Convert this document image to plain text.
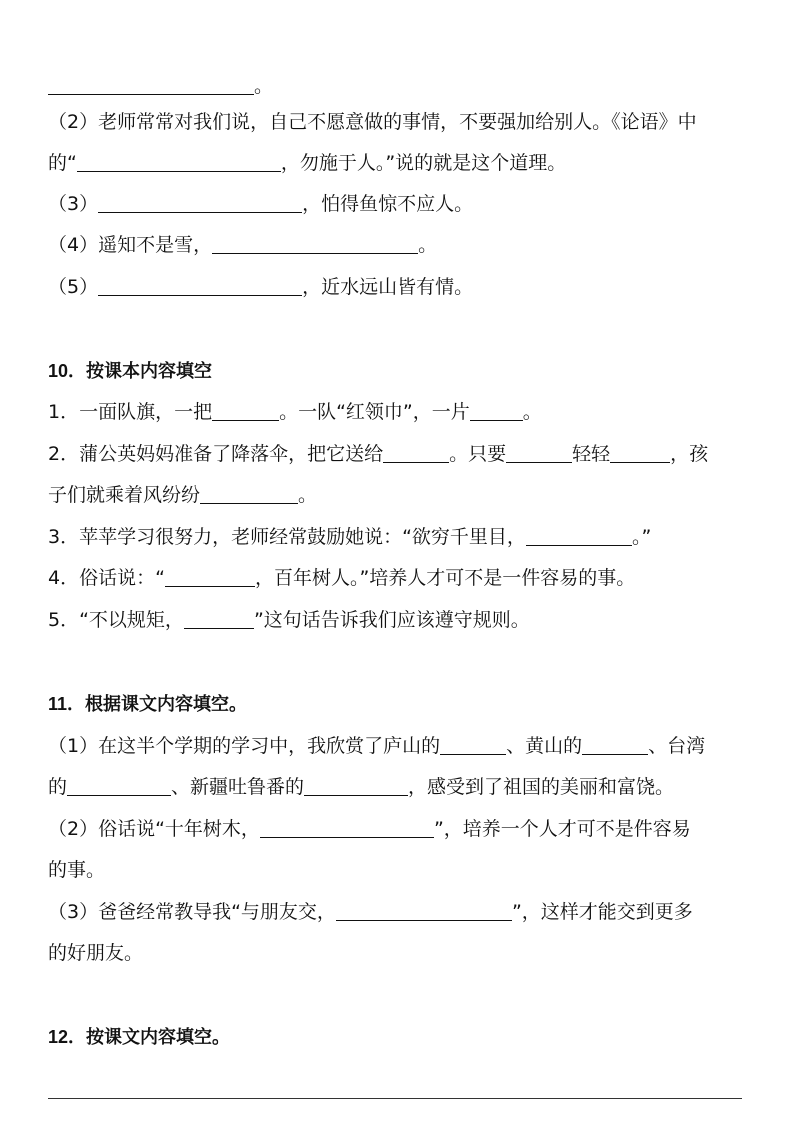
。
（2）老师常常对我们说，自己不愿意做的事情，不要强加给别人。《论语》中
的“	，勿施于人。”说的就是这个道理。
（3）	，怕得鱼惊不应人。
（4）遥知不是雪，	。
（5）	，近水远山皆有情。
10．按课本内容填空
1．一面队旗，一把	。一队“红领巾”，一片	。
2．蒲公英妈妈准备了降落伞，把它送给	。只要	轻轻	，孩
子们就乘着风纷纷	。
3．苹苹学习很努力，老师经常鼓励她说：“欲穷千里目，	。”
4．俗话说：“	，百年树人。”培养人才可不是一件容易的事。
5．“不以规矩，	”这句话告诉我们应该遵守规则。
11．根据课文内容填空。
（1）在这半个学期的学习中，我欣赏了庐山的	、黄山的	、台湾
的	、新疆吐鲁番的	，感受到了祖国的美丽和富饶。
（2）俗话说“十年树木，	”，培养一个人才可不是件容易
的事。
（3）爸爸经常教导我“与朋友交，	”，这样才能交到更多
的好朋友。
12．按课文内容填空。
